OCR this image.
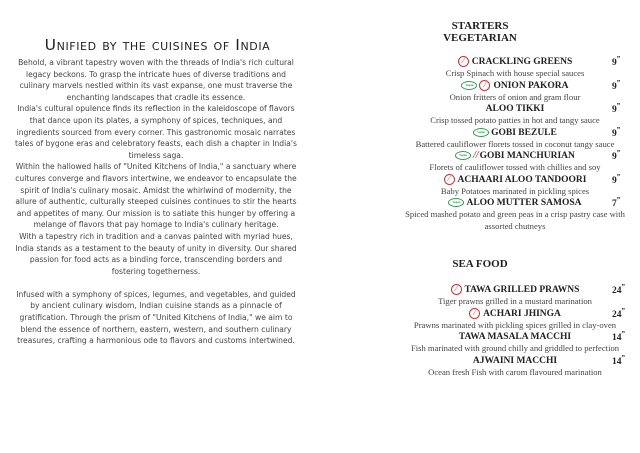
Unified by the cuisines of India

Behold, a vibrant tapestry woven with the threads of India's rich cultural legacy beckons. To grasp the intricate hues of diverse traditions and culinary marvels nestled within its vast expanse, one must traverse the enchanting landscapes that cradle its essence.

India's cultural opulence finds its reflection in the kaleidoscope of flavors that dance upon its plates, a symphony of spices, techniques, and ingredients sourced from every corner. This gastronomic mosaic narrates tales of bygone eras and celebratory feasts, each dish a chapter in India's timeless saga.

Within the hallowed halls of "United Kitchens of India," a sanctuary where cultures converge and flavors intertwine, we endeavor to encapsulate the spirit of India's culinary mosaic. Amidst the whirlwind of modernity, the allure of authentic, culturally steeped cuisines continues to stir the hearts and appetites of many. Our mission is to satiate this hunger by offering a melange of flavors that pay homage to India's culinary heritage.

With a tapestry rich in tradition and a canvas painted with myriad hues, India stands as a testament to the beauty of unity in diversity. Our shared passion for food acts as a binding force, transcending borders and fostering togetherness.

Infused with a symphony of spices, legumes, and vegetables, and guided by ancient culinary wisdom, Indian cuisine stands as a pinnacle of gratification. Through the prism of "United Kitchens of India," we aim to blend the essence of northern, eastern, western, and southern culinary treasures, crafting a harmonious ode to flavors and customs intertwined.

STARTERS
VEGETARIAN
⁄ CRACKLING GREENS	9”
Crisp Spinach with house special sauces
Vegan ⁄ ONION PAKORA	9”
Onion fritters of onion and gram flour
ALOO TIKKI	9”
Crisp tossed potato patties in hot and tangy sauce
Vegan GOBI BEZULE	9”
Battered cauliflower florets tossed in coconut tangy sauce
Vegan //GOBI MANCHURIAN	9”
Florets of cauliflower tossed with chillies and soy
⁄ ACHAARI ALOO TANDOORI	9”
Baby Potatoes marinated in pickling spices
Vegan ALOO MUTTER SAMOSA	7”
Spiced mashed potato and green peas in a crisp pastry case with assorted chutneys
SEA FOOD
⁄ TAWA GRILLED PRAWNS	24”
Tiger prawns grilled in a mustard marination
⁄ ACHARI JHINGA	24”
Prawns marinated with pickling spices grilled in clay-oven
TAWA MASALA MACCHI	14”
Fish marinated with ground chilly and griddled to perfection
AJWAINI MACCHI	14”
Ocean fresh Fish with carom flavoured marination
